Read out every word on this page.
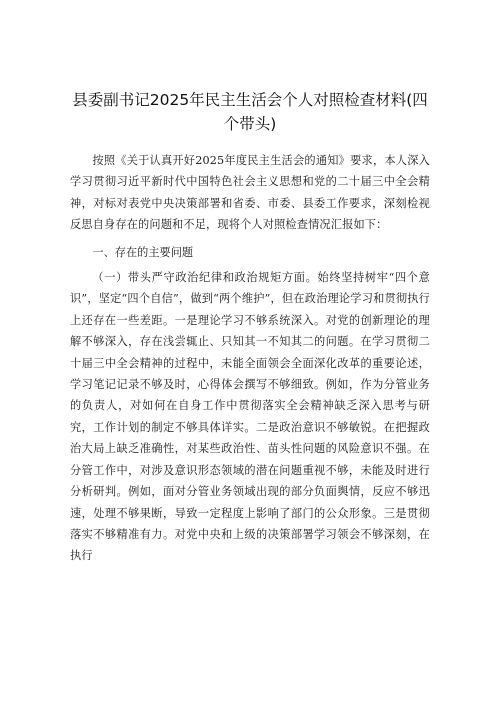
县委副书记2025年民主生活会个人对照检查材料(四个带头)

按照《关于认真开好2025年度民主生活会的通知》要求，本人深入学习贯彻习近平新时代中国特色社会主义思想和党的二十届三中全会精神，对标对表党中央决策部署和省委、市委、县委工作要求，深刻检视反思自身存在的问题和不足，现将个人对照检查情况汇报如下：

一、存在的主要问题

（一）带头严守政治纪律和政治规矩方面。始终坚持树牢“四个意识”，坚定“四个自信”，做到“两个维护”，但在政治理论学习和贯彻执行上还存在一些差距。一是理论学习不够系统深入。对党的创新理论的理解不够深入，存在浅尝辄止、只知其一不知其二的问题。在学习贯彻二十届三中全会精神的过程中，未能全面领会全面深化改革的重要论述，学习笔记记录不够及时，心得体会撰写不够细致。例如，作为分管业务的负责人，对如何在自身工作中贯彻落实全会精神缺乏深入思考与研究，工作计划的制定不够具体详实。二是政治意识不够敏锐。在把握政治大局上缺乏准确性，对某些政治性、苗头性问题的风险意识不强。在分管工作中，对涉及意识形态领域的潜在问题重视不够，未能及时进行分析研判。例如，面对分管业务领域出现的部分负面舆情，反应不够迅速，处理不够果断，导致一定程度上影响了部门的公众形象。三是贯彻落实不够精准有力。对党中央和上级的决策部署学习领会不够深刻，在执行
